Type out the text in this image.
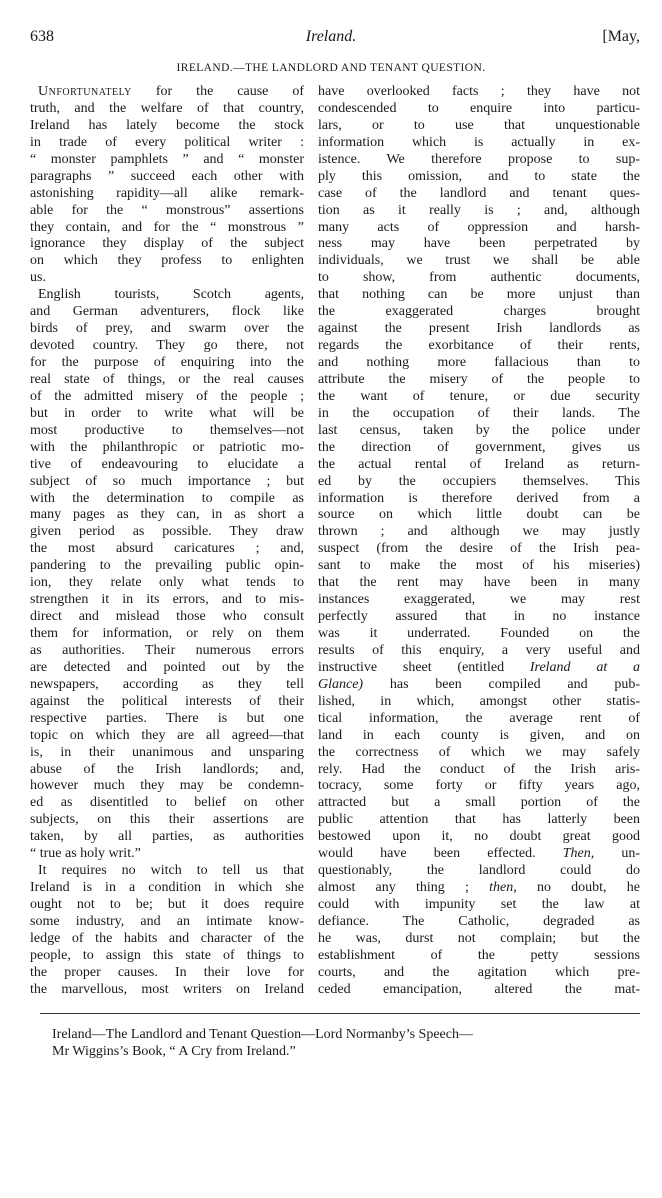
638	Ireland.	[May,
IRELAND.—THE LANDLORD AND TENANT QUESTION.
Unfortunately for the cause of
truth, and the welfare of that country,
Ireland has lately become the stock
in trade of every political writer :
“ monster pamphlets ” and “ monster
paragraphs ” succeed each other with
astonishing rapidity—all alike remark-
able for the “ monstrous” assertions
they contain, and for the “ monstrous ”
ignorance they display of the subject
on which they profess to enlighten
us.
English tourists, Scotch agents,
and German adventurers, flock like
birds of prey, and swarm over the
devoted country. They go there, not
for the purpose of enquiring into the
real state of things, or the real causes
of the admitted misery of the people ;
but in order to write what will be
most productive to themselves—not
with the philanthropic or patriotic mo-
tive of endeavouring to elucidate a
subject of so much importance ; but
with the determination to compile as
many pages as they can, in as short a
given period as possible. They draw
the most absurd caricatures ; and,
pandering to the prevailing public opin-
ion, they relate only what tends to
strengthen it in its errors, and to mis-
direct and mislead those who consult
them for information, or rely on them
as authorities. Their numerous errors
are detected and pointed out by the
newspapers, according as they tell
against the political interests of their
respective parties. There is but one
topic on which they are all agreed—that
is, in their unanimous and unsparing
abuse of the Irish landlords; and,
however much they may be condemn-
ed as disentitled to belief on other
subjects, on this their assertions are
taken, by all parties, as authorities
“ true as holy writ.”
It requires no witch to tell us that
Ireland is in a condition in which she
ought not to be; but it does require
some industry, and an intimate know-
ledge of the habits and character of the
people, to assign this state of things to
the proper causes. In their love for
the marvellous, most writers on Ireland
have overlooked facts ; they have not
condescended to enquire into particu-
lars, or to use that unquestionable
information which is actually in ex-
istence. We therefore propose to sup-
ply this omission, and to state the
case of the landlord and tenant ques-
tion as it really is ; and, although
many acts of oppression and harsh-
ness may have been perpetrated by
individuals, we trust we shall be able
to show, from authentic documents,
that nothing can be more unjust than
the exaggerated charges brought
against the present Irish landlords as
regards the exorbitance of their rents,
and nothing more fallacious than to
attribute the misery of the people to
the want of tenure, or due security
in the occupation of their lands. The
last census, taken by the police under
the direction of government, gives us
the actual rental of Ireland as return-
ed by the occupiers themselves. This
information is therefore derived from a
source on which little doubt can be
thrown ; and although we may justly
suspect (from the desire of the Irish pea-
sant to make the most of his miseries)
that the rent may have been in many
instances exaggerated, we may rest
perfectly assured that in no instance
was it underrated. Founded on the
results of this enquiry, a very useful and
instructive sheet (entitled Ireland at a
Glance) has been compiled and pub-
lished, in which, amongst other statis-
tical information, the average rent of
land in each county is given, and on
the correctness of which we may safely
rely. Had the conduct of the Irish aris-
tocracy, some forty or fifty years ago,
attracted but a small portion of the
public attention that has latterly been
bestowed upon it, no doubt great good
would have been effected. Then, un-
questionably, the landlord could do
almost any thing ; then, no doubt, he
could with impunity set the law at
defiance. The Catholic, degraded as
he was, durst not complain; but the
establishment of the petty sessions
courts, and the agitation which pre-
ceded emancipation, altered the mat-
Ireland—The Landlord and Tenant Question—Lord Normanby’s Speech—
Mr Wiggins’s Book, “ A Cry from Ireland.”
